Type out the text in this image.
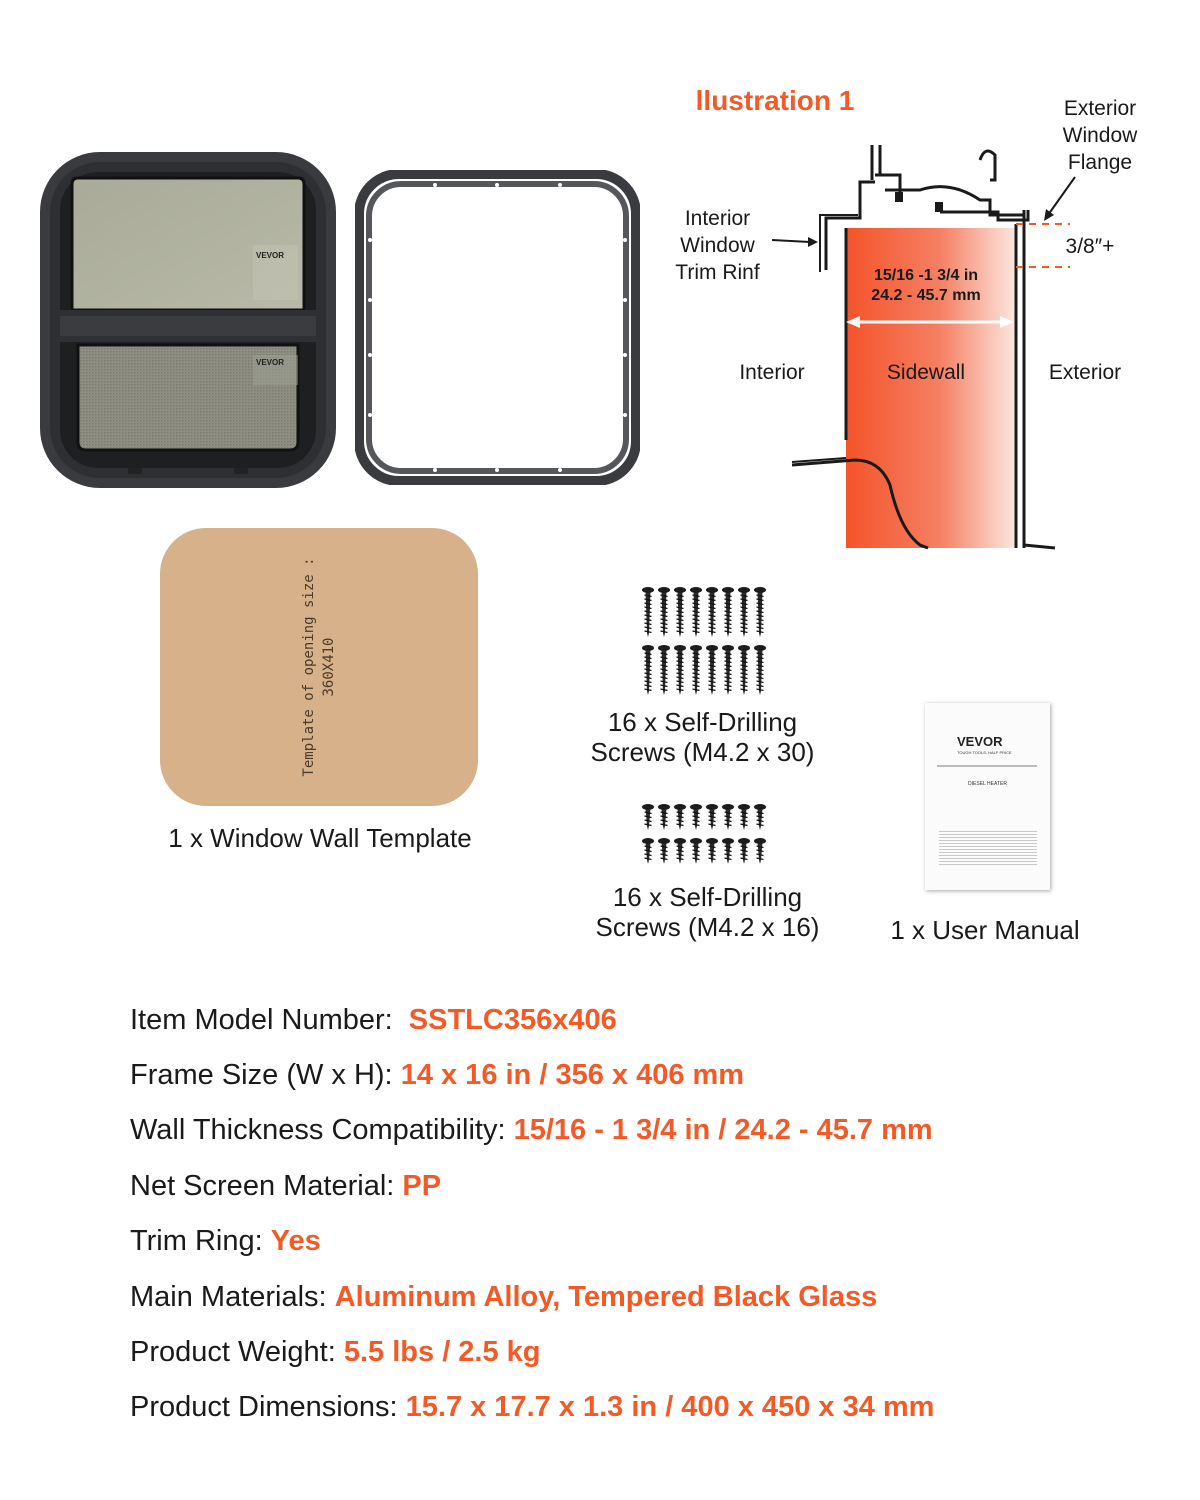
VEVOR
VEVOR
llustration 1	Exterior
Window
Flange
Interior
Window
Trim Rinf
3/8″+
15/16 -1 3/4 in
24.2 - 45.7 mm
Interior	Sidewall	Exterior
Template of opening size : 360X410
1 x Window Wall Template
16 x Self-Drilling
Screws (M4.2 x 30)
16 x Self-Drilling
Screws (M4.2 x 16)
VEVOR
TOUGH TOOLS, HALF PRICE
DIESEL HEATER
1 x User Manual
Item Model Number: SSTLC356x406
Frame Size (W x H): 14 x 16 in / 356 x 406 mm
Wall Thickness Compatibility: 15/16 - 1 3/4 in / 24.2 - 45.7 mm
Net Screen Material: PP
Trim Ring: Yes
Main Materials: Aluminum Alloy, Tempered Black Glass
Product Weight: 5.5 lbs / 2.5 kg
Product Dimensions: 15.7 x 17.7 x 1.3 in / 400 x 450 x 34 mm
